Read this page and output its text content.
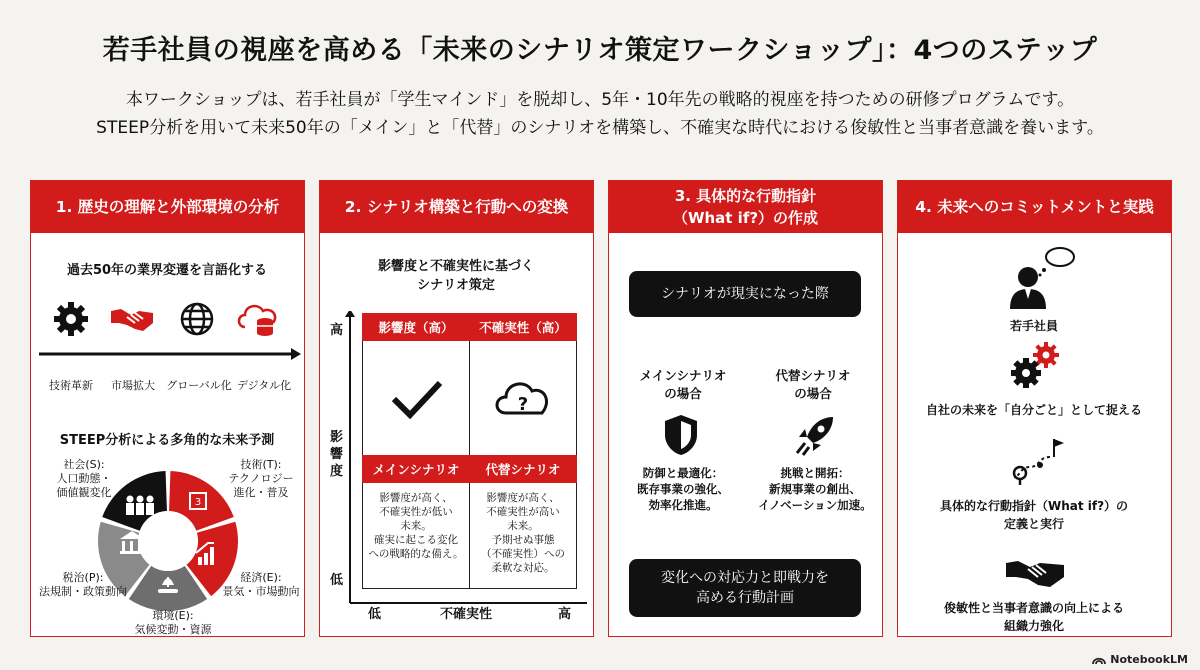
若手社員の視座を高める「未来のシナリオ策定ワークショップ」：4つのステップ
本ワークショップは、若手社員が「学生マインド」を脱却し、5年・10年先の戦略的視座を持つための研修プログラムです。
STEEP分析を用いて未来50年の「メイン」と「代替」のシナリオを構築し、不確実な時代における俊敏性と当事者意識を養います。
1. 歴史の理解と外部環境の分析
過去50年の業界変遷を言語化する
技術革新	市場拡大	グローバル化 デジタル化
STEEP分析による多角的な未来予測
3
社会(S):
人口動態・
価値観変化
技術(T):
テクノロジー
進化・普及
経済(E):
景気・市場動向
環境(E):
気候変動・資源
税治(P):
法規制・政策動向
2. シナリオ構築と行動への変換
影響度と不確実性に基づく
シナリオ策定
高
低
影響度
低	不確実性	高
影響度（高）	不確実性（高）
メインシナリオ	代替シナリオ
?
影響度が高く、
不確実性が低い
未来。
確実に起こる変化
への戦略的な備え。
影響度が高く、
不確実性が高い
未来。
予期せぬ事態
（不確実性）への
柔軟な対応。
3. 具体的な行動指針
（What if?）の作成
シナリオが現実になった際
メインシナリオ
の場合
代替シナリオ
の場合
防御と最適化：
既存事業の強化、
効率化推進。
挑戦と開拓：
新規事業の創出、
イノベーション加速。
変化への対応力と即戦力を
高める行動計画
4. 未来へのコミットメントと実践
若手社員
自社の未来を「自分ごと」として捉える
具体的な行動指針（What if?）の
定義と実行
俊敏性と当事者意識の向上による
組織力強化
NotebookLM
